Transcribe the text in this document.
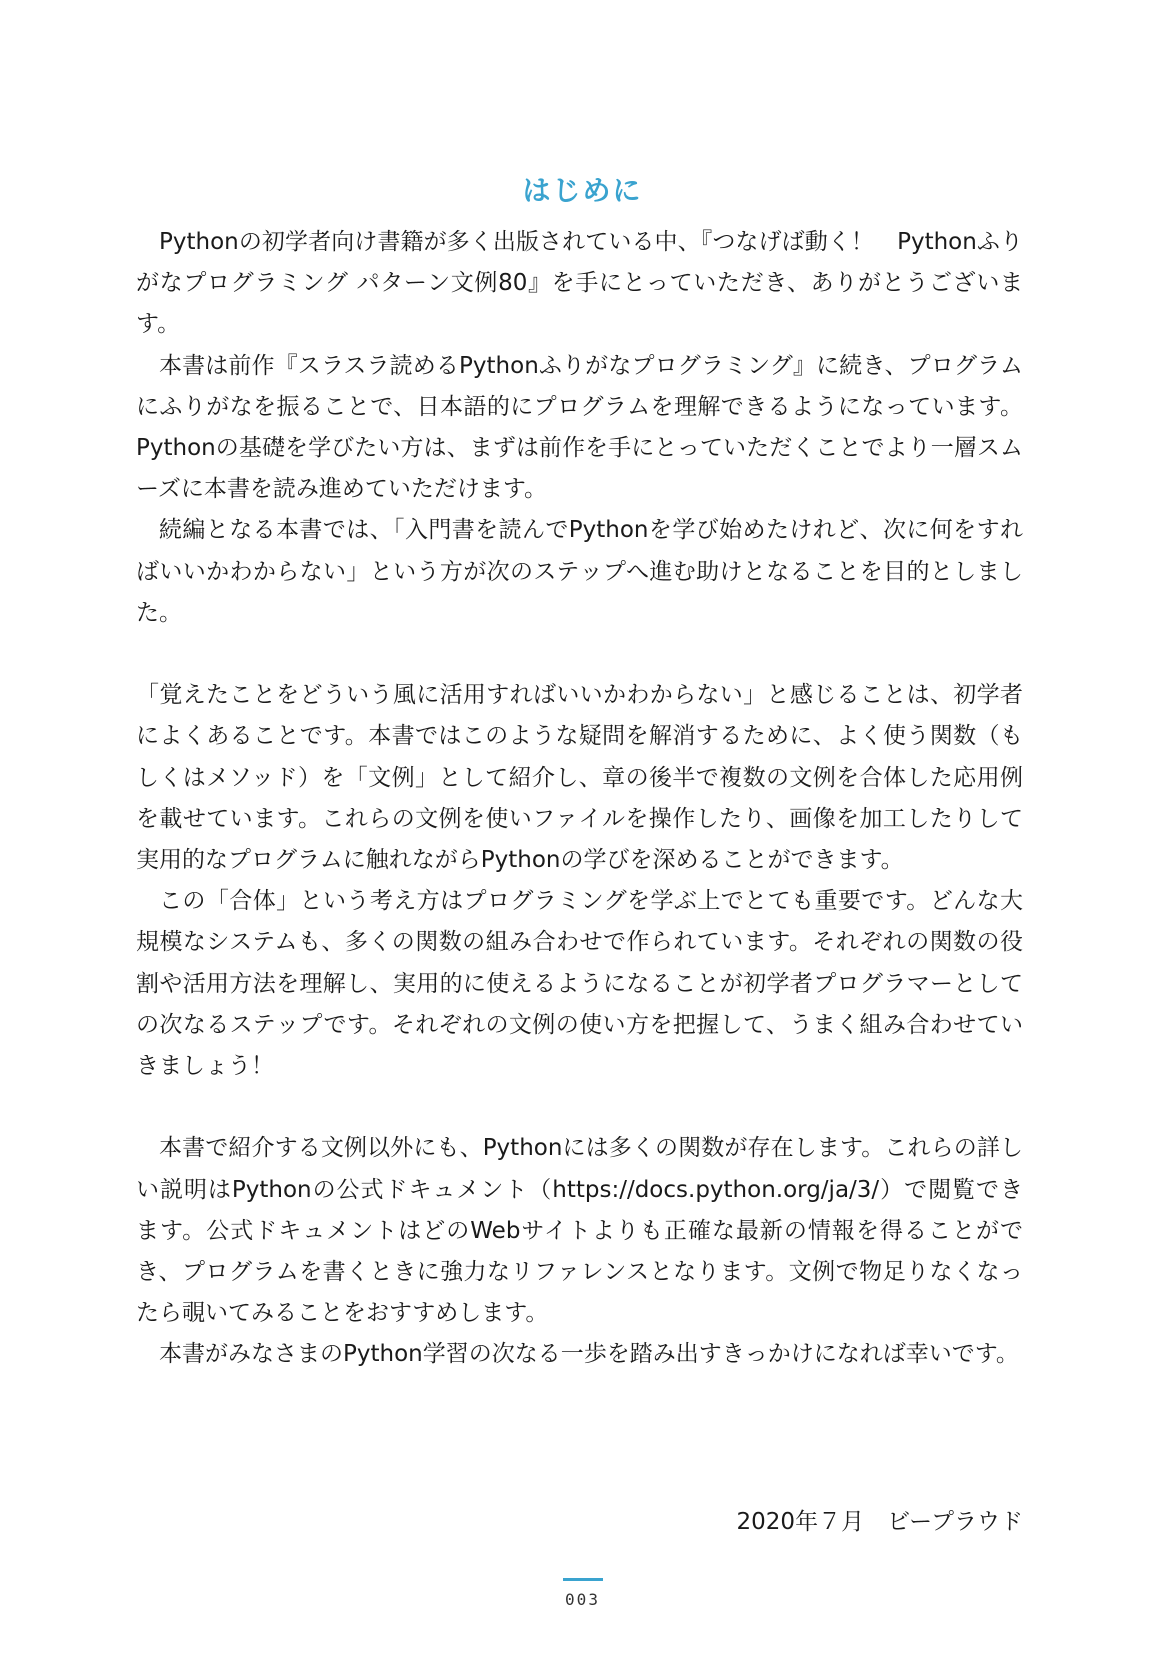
はじめに

Pythonの初学者向け書籍が多く出版されている中、『つなげば動く！　Pythonふりがなプログラミング パターン文例80』を手にとっていただき、ありがとうございます。

本書は前作『スラスラ読めるPythonふりがなプログラミング』に続き、プログラムにふりがなを振ることで、日本語的にプログラムを理解できるようになっています。Pythonの基礎を学びたい方は、まずは前作を手にとっていただくことでより一層スムーズに本書を読み進めていただけます。

続編となる本書では、「入門書を読んでPythonを学び始めたけれど、次に何をすればいいかわからない」という方が次のステップへ進む助けとなることを目的としました。

「覚えたことをどういう風に活用すればいいかわからない」と感じることは、初学者によくあることです。本書ではこのような疑問を解消するために、よく使う関数（もしくはメソッド）を「文例」として紹介し、章の後半で複数の文例を合体した応用例を載せています。これらの文例を使いファイルを操作したり、画像を加工したりして実用的なプログラムに触れながらPythonの学びを深めることができます。

この「合体」という考え方はプログラミングを学ぶ上でとても重要です。どんな大規模なシステムも、多くの関数の組み合わせで作られています。それぞれの関数の役割や活用方法を理解し、実用的に使えるようになることが初学者プログラマーとしての次なるステップです。それぞれの文例の使い方を把握して、うまく組み合わせていきましょう！

本書で紹介する文例以外にも、Pythonには多くの関数が存在します。これらの詳しい説明はPythonの公式ドキュメント（https://docs.python.org/ja/3/）で閲覧できます。公式ドキュメントはどのWebサイトよりも正確な最新の情報を得ることができ、プログラムを書くときに強力なリファレンスとなります。文例で物足りなくなったら覗いてみることをおすすめします。

本書がみなさまのPython学習の次なる一歩を踏み出すきっかけになれば幸いです。

2020年７月　ビープラウド
003
